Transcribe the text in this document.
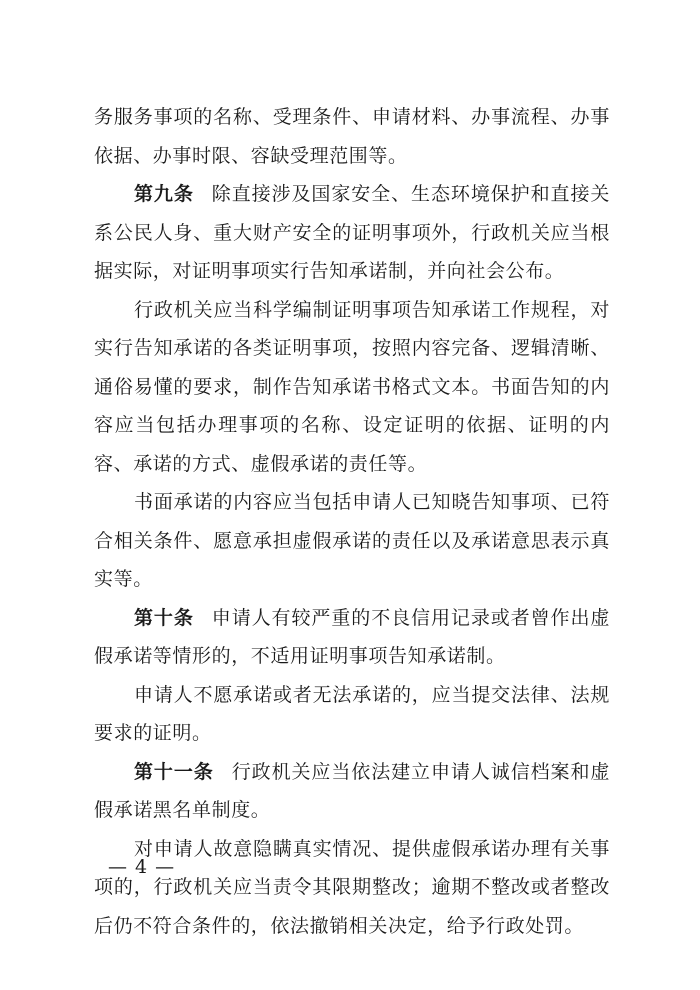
务服务事项的名称、受理条件、申请材料、办事流程、办事依据、办事时限、容缺受理范围等。

第九条 除直接涉及国家安全、生态环境保护和直接关系公民人身、重大财产安全的证明事项外，行政机关应当根据实际，对证明事项实行告知承诺制，并向社会公布。

行政机关应当科学编制证明事项告知承诺工作规程，对实行告知承诺的各类证明事项，按照内容完备、逻辑清晰、通俗易懂的要求，制作告知承诺书格式文本。书面告知的内容应当包括办理事项的名称、设定证明的依据、证明的内容、承诺的方式、虚假承诺的责任等。

书面承诺的内容应当包括申请人已知晓告知事项、已符合相关条件、愿意承担虚假承诺的责任以及承诺意思表示真实等。

第十条 申请人有较严重的不良信用记录或者曾作出虚假承诺等情形的，不适用证明事项告知承诺制。

申请人不愿承诺或者无法承诺的，应当提交法律、法规要求的证明。

第十一条 行政机关应当依法建立申请人诚信档案和虚假承诺黑名单制度。

对申请人故意隐瞒真实情况、提供虚假承诺办理有关事项的，行政机关应当责令其限期整改；逾期不整改或者整改后仍不符合条件的，依法撤销相关决定，给予行政处罚。

— 4 —
